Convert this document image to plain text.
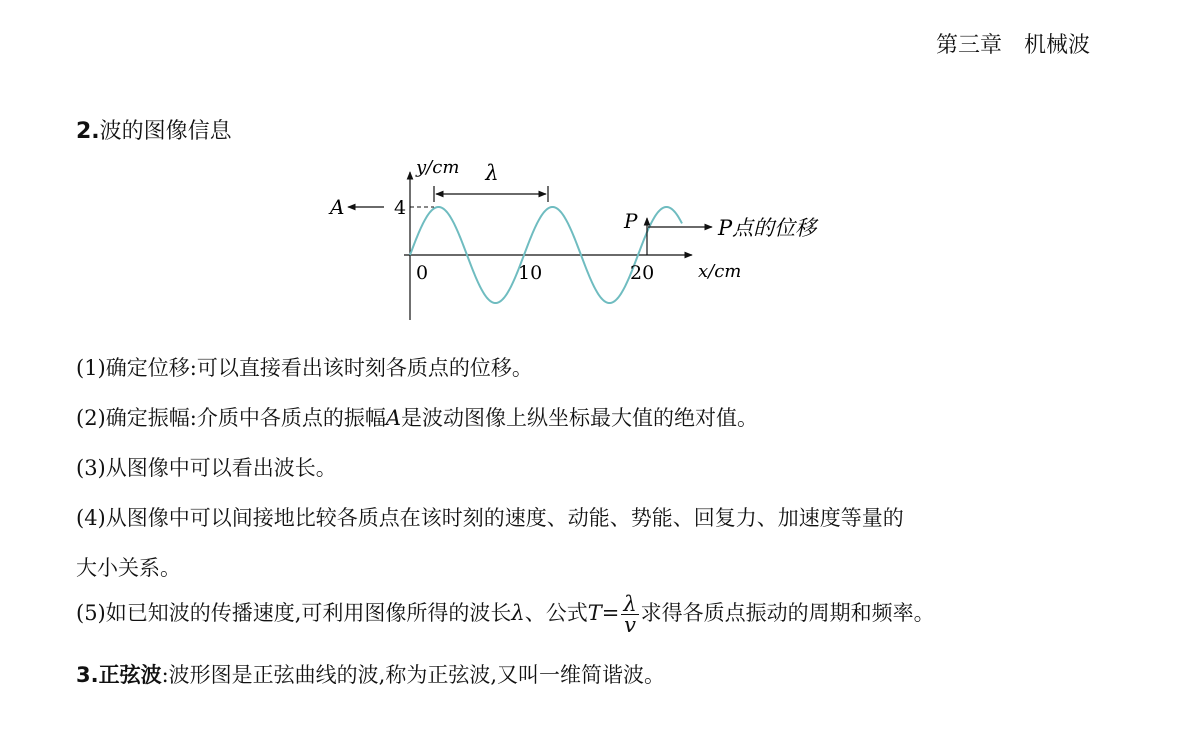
第三章　机械波
2.波的图像信息
λ
A	4
y/cm
x/cm
0	10	20
P	P点的位移
(1)确定位移:可以直接看出该时刻各质点的位移。
(2)确定振幅:介质中各质点的振幅A是波动图像上纵坐标最大值的绝对值。
(3)从图像中可以看出波长。
(4)从图像中可以间接地比较各质点在该时刻的速度、动能、势能、回复力、加速度等量的
大小关系。
(5)如已知波的传播速度,可利用图像所得的波长λ、公式$T= \frac{\lambda}{v}$ 求得各质点振动的周期和频率。
3.正弦波:波形图是正弦曲线的波,称为正弦波,又叫一维简谐波。
